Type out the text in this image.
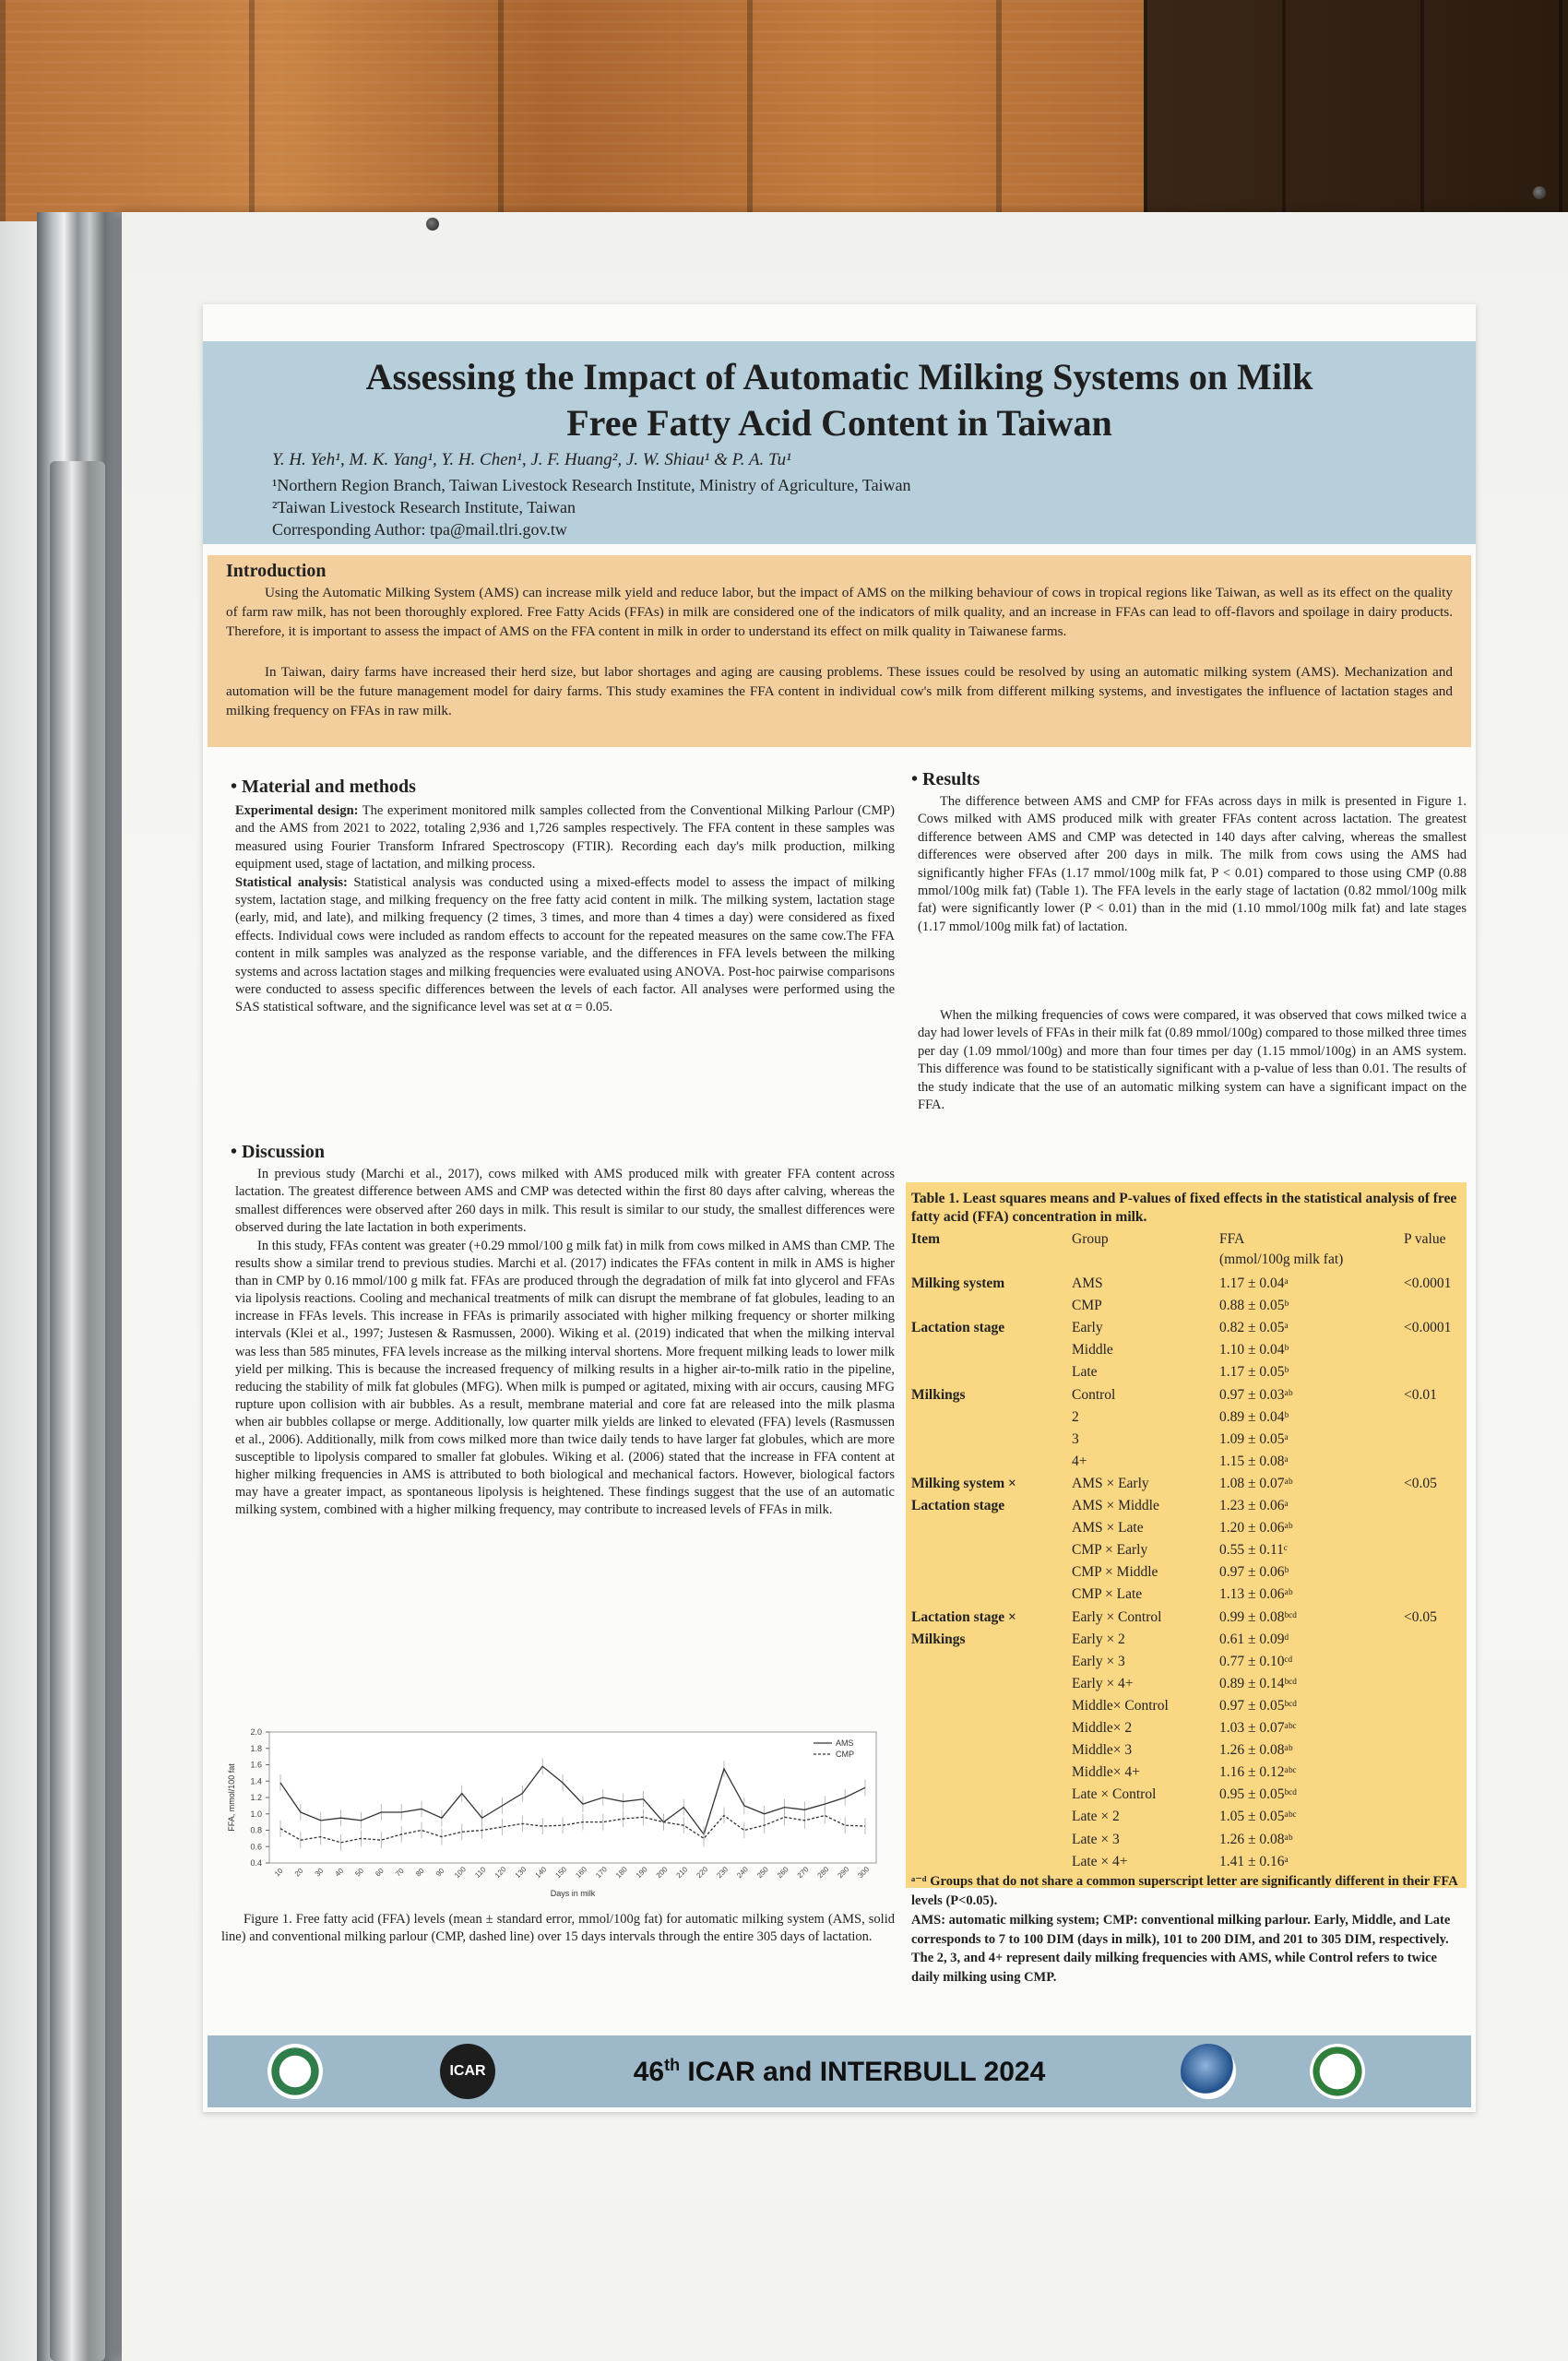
Assessing the Impact of Automatic Milking Systems on Milk
Free Fatty Acid Content in Taiwan
Y. H. Yeh¹, M. K. Yang¹, Y. H. Chen¹, J. F. Huang², J. W. Shiau¹ & P. A. Tu¹
¹Northern Region Branch, Taiwan Livestock Research Institute, Ministry of Agriculture, Taiwan
²Taiwan Livestock Research Institute, Taiwan
Corresponding Author: tpa@mail.tlri.gov.tw
Introduction

Using the Automatic Milking System (AMS) can increase milk yield and reduce labor, but the impact of AMS on the milking behaviour of cows in tropical regions like Taiwan, as well as its effect on the quality of farm raw milk, has not been thoroughly explored. Free Fatty Acids (FFAs) in milk are considered one of the indicators of milk quality, and an increase in FFAs can lead to off-flavors and spoilage in dairy products. Therefore, it is important to assess the impact of AMS on the FFA content in milk in order to understand its effect on milk quality in Taiwanese farms.

In Taiwan, dairy farms have increased their herd size, but labor shortages and aging are causing problems. These issues could be resolved by using an automatic milking system (AMS). Mechanization and automation will be the future management model for dairy farms. This study examines the FFA content in individual cow's milk from different milking systems, and investigates the influence of lactation stages and milking frequency on FFAs in raw milk.

• Material and methods

Experimental design: The experiment monitored milk samples collected from the Conventional Milking Parlour (CMP) and the AMS from 2021 to 2022, totaling 2,936 and 1,726 samples respectively. The FFA content in these samples was measured using Fourier Transform Infrared Spectroscopy (FTIR). Recording each day's milk production, milking equipment used, stage of lactation, and milking process.
Statistical analysis: Statistical analysis was conducted using a mixed-effects model to assess the impact of milking system, lactation stage, and milking frequency on the free fatty acid content in milk. The milking system, lactation stage (early, mid, and late), and milking frequency (2 times, 3 times, and more than 4 times a day) were considered as fixed effects. Individual cows were included as random effects to account for the repeated measures on the same cow.The FFA content in milk samples was analyzed as the response variable, and the differences in FFA levels between the milking systems and across lactation stages and milking frequencies were evaluated using ANOVA. Post-hoc pairwise comparisons were conducted to assess specific differences between the levels of each factor. All analyses were performed using the SAS statistical software, and the significance level was set at α = 0.05.

• Discussion

In previous study (Marchi et al., 2017), cows milked with AMS produced milk with greater FFA content across lactation. The greatest difference between AMS and CMP was detected within the first 80 days after calving, whereas the smallest differences were observed after 260 days in milk. This result is similar to our study, the smallest differences were observed during the late lactation in both experiments.

In this study, FFAs content was greater (+0.29 mmol/100 g milk fat) in milk from cows milked in AMS than CMP. The results show a similar trend to previous studies. Marchi et al. (2017) indicates the FFAs content in milk in AMS is higher than in CMP by 0.16 mmol/100 g milk fat. FFAs are produced through the degradation of milk fat into glycerol and FFAs via lipolysis reactions. Cooling and mechanical treatments of milk can disrupt the membrane of fat globules, leading to an increase in FFAs levels. This increase in FFAs is primarily associated with higher milking frequency or shorter milking intervals (Klei et al., 1997; Justesen & Rasmussen, 2000). Wiking et al. (2019) indicated that when the milking interval was less than 585 minutes, FFA levels increase as the milking interval shortens. More frequent milking leads to lower milk yield per milking. This is because the increased frequency of milking results in a higher air-to-milk ratio in the pipeline, reducing the stability of milk fat globules (MFG). When milk is pumped or agitated, mixing with air occurs, causing MFG rupture upon collision with air bubbles. As a result, membrane material and core fat are released into the milk plasma when air bubbles collapse or merge. Additionally, low quarter milk yields are linked to elevated (FFA) levels (Rasmussen et al., 2006). Additionally, milk from cows milked more than twice daily tends to have larger fat globules, which are more susceptible to lipolysis compared to smaller fat globules. Wiking et al. (2006) stated that the increase in FFA content at higher milking frequencies in AMS is attributed to both biological and mechanical factors. However, biological factors may have a greater impact, as spontaneous lipolysis is heightened. These findings suggest that the use of an automatic milking system, combined with a higher milking frequency, may contribute to increased levels of FFAs in milk.

• Results

The difference between AMS and CMP for FFAs across days in milk is presented in Figure 1. Cows milked with AMS produced milk with greater FFAs content across lactation. The greatest difference between AMS and CMP was detected in 140 days after calving, whereas the smallest differences were observed after 200 days in milk. The milk from cows using the AMS had significantly higher FFAs (1.17 mmol/100g milk fat, P < 0.01) compared to those using CMP (0.88 mmol/100g milk fat) (Table 1). The FFA levels in the early stage of lactation (0.82 mmol/100g milk fat) were significantly lower (P < 0.01) than in the mid (1.10 mmol/100g milk fat) and late stages (1.17 mmol/100g milk fat) of lactation.

When the milking frequencies of cows were compared, it was observed that cows milked twice a day had lower levels of FFAs in their milk fat (0.89 mmol/100g) compared to those milked three times per day (1.09 mmol/100g) and more than four times per day (1.15 mmol/100g) in an AMS system. This difference was found to be statistically significant with a p-value of less than 0.01. The results of the study indicate that the use of an automatic milking system can have a significant impact on the FFA.

Table 1. Least squares means and P-values of fixed effects in the statistical analysis of free fatty acid (FFA) concentration in milk.
Item	Group	FFA	P value
(mmol/100g milk fat)
Milking system	AMS	1.17 ± 0.04ᵃ	<0.0001
CMP	0.88 ± 0.05ᵇ
Lactation stage	Early	0.82 ± 0.05ᵃ	<0.0001
Middle	1.10 ± 0.04ᵇ
Late	1.17 ± 0.05ᵇ
Milkings	Control	0.97 ± 0.03ᵃᵇ	<0.01
2	0.89 ± 0.04ᵇ
3	1.09 ± 0.05ᵃ
4+	1.15 ± 0.08ᵃ
Milking system ×	AMS × Early	1.08 ± 0.07ᵃᵇ	<0.05
Lactation stage	AMS × Middle	1.23 ± 0.06ᵃ
AMS × Late	1.20 ± 0.06ᵃᵇ
CMP × Early	0.55 ± 0.11ᶜ
CMP × Middle	0.97 ± 0.06ᵇ
CMP × Late	1.13 ± 0.06ᵃᵇ
Lactation stage ×	Early × Control	0.99 ± 0.08ᵇᶜᵈ	<0.05
Milkings	Early × 2	0.61 ± 0.09ᵈ
Early × 3	0.77 ± 0.10ᶜᵈ
Early × 4+	0.89 ± 0.14ᵇᶜᵈ
Middle× Control	0.97 ± 0.05ᵇᶜᵈ
Middle× 2	1.03 ± 0.07ᵃᵇᶜ
Middle× 3	1.26 ± 0.08ᵃᵇ
Middle× 4+	1.16 ± 0.12ᵃᵇᶜ
Late × Control	0.95 ± 0.05ᵇᶜᵈ
Late × 2	1.05 ± 0.05ᵃᵇᶜ
Late × 3	1.26 ± 0.08ᵃᵇ
Late × 4+	1.41 ± 0.16ᵃ
ᵃ⁻ᵈ Groups that do not share a common superscript letter are significantly different in their FFA levels (P<0.05).
AMS: automatic milking system; CMP: conventional milking parlour. Early, Middle, and Late corresponds to 7 to 100 DIM (days in milk), 101 to 200 DIM, and 201 to 305 DIM, respectively. The 2, 3, and 4+ represent daily milking frequencies with AMS, while Control refers to twice daily milking using CMP.
2.0
1.8
1.6
1.4
1.2
1.0
0.8
0.6
0.4
10 20 30 40 50 60 70 80 90 100 110 120 130 140 150 160 170 180 190 200 210 220 230 240 250 260 270 280 290 300
FFA, mmol/100 fat
Days in milk
AMS
CMP

Figure 1. Free fatty acid (FFA) levels (mean ± standard error, mmol/100g fat) for automatic milking system (AMS, solid line) and conventional milking parlour (CMP, dashed line) over 15 days intervals through the entire 305 days of lactation.

ICAR	46th ICAR and INTERBULL 2024
